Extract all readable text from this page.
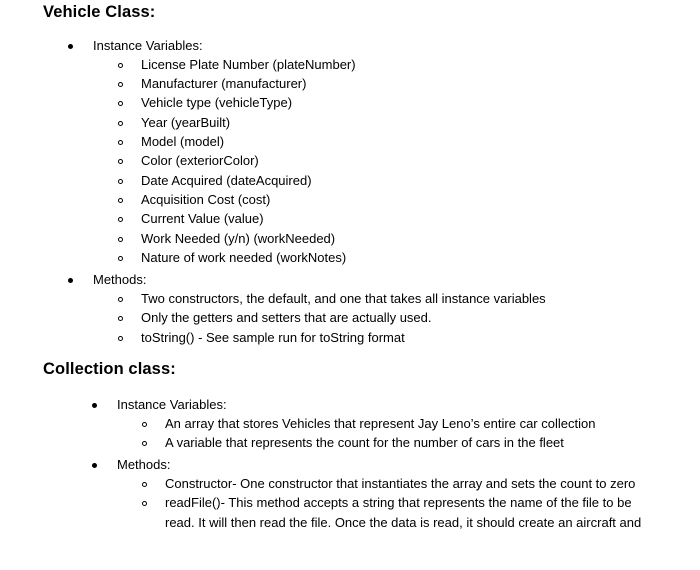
Vehicle Class:
Instance Variables:
License Plate Number (plateNumber)
Manufacturer (manufacturer)
Vehicle type (vehicleType)
Year (yearBuilt)
Model (model)
Color (exteriorColor)
Date Acquired (dateAcquired)
Acquisition Cost (cost)
Current Value (value)
Work Needed (y/n) (workNeeded)
Nature of work needed (workNotes)
Methods:
Two constructors, the default, and one that takes all instance variables
Only the getters and setters that are actually used.
toString() - See sample run for toString format
Collection class:
Instance Variables:
An array that stores Vehicles that represent Jay Leno’s entire car collection
A variable that represents the count for the number of cars in the fleet
Methods:
Constructor- One constructor that instantiates the array and sets the count to zero
readFile()- This method accepts a string that represents the name of the file to be
read. It will then read the file. Once the data is read, it should create an aircraft and
